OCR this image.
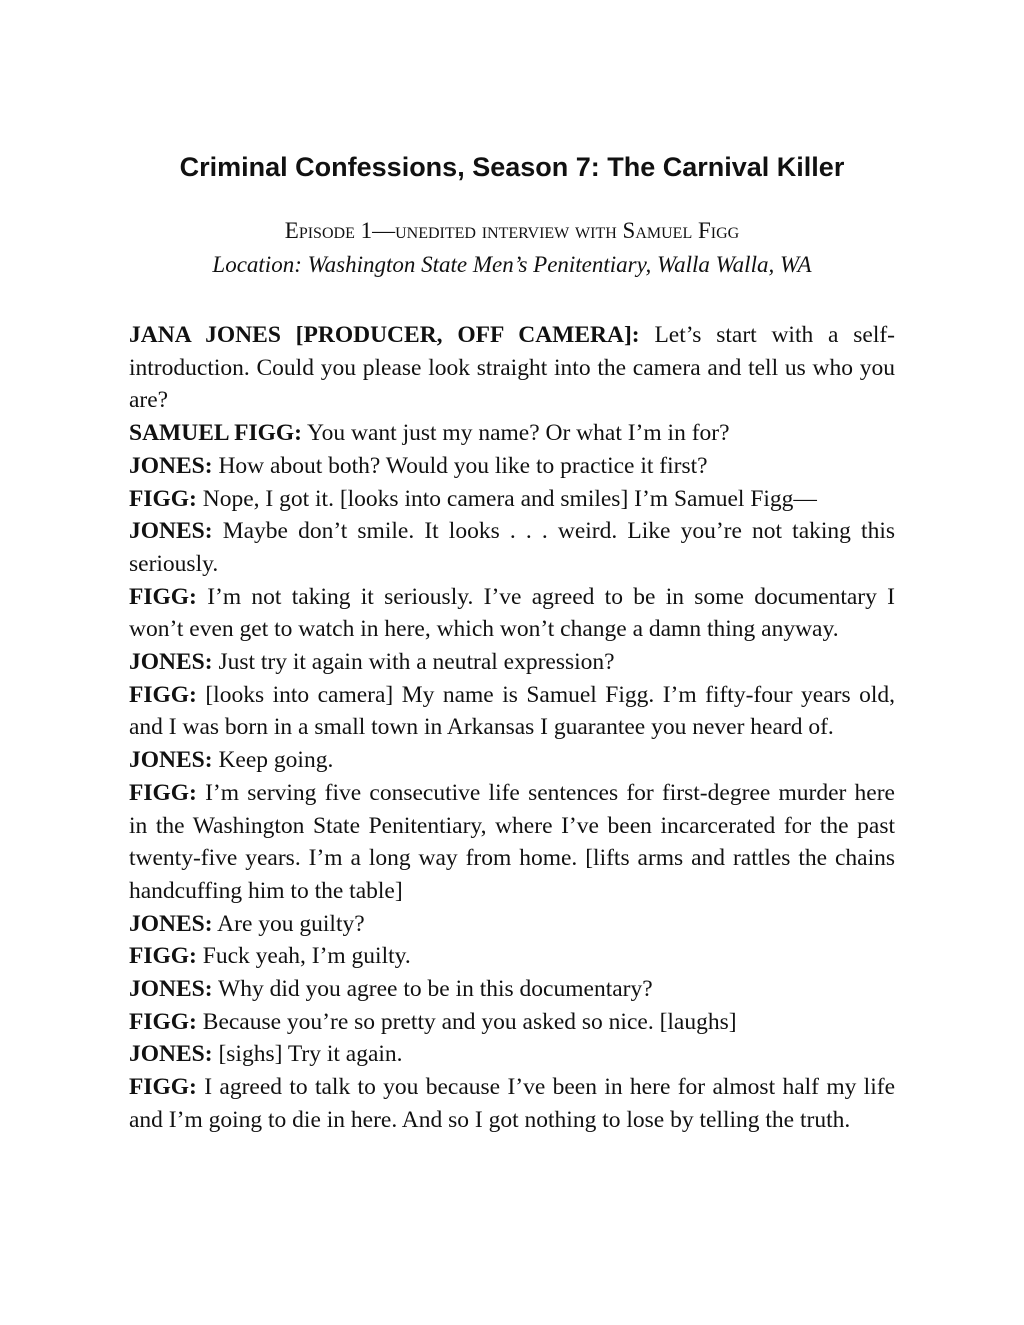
Criminal Confessions, Season 7: The Carnival Killer
Episode 1—unedited interview with Samuel Figg
Location: Washington State Men’s Penitentiary, Walla Walla, WA

JANA JONES [PRODUCER, OFF CAMERA]: Let’s start with a self-introduction. Could you please look straight into the camera and tell us who you are?

SAMUEL FIGG: You want just my name? Or what I’m in for?

JONES: How about both? Would you like to practice it first?

FIGG: Nope, I got it. [looks into camera and smiles] I’m Samuel Figg—

JONES: Maybe don’t smile. It looks . . . weird. Like you’re not taking this seriously.

FIGG: I’m not taking it seriously. I’ve agreed to be in some documentary I won’t even get to watch in here, which won’t change a damn thing anyway.

JONES: Just try it again with a neutral expression?

FIGG: [looks into camera] My name is Samuel Figg. I’m fifty-four years old, and I was born in a small town in Arkansas I guarantee you never heard of.

JONES: Keep going.

FIGG: I’m serving five consecutive life sentences for first-degree murder here in the Washington State Penitentiary, where I’ve been incarcerated for the past twenty-five years. I’m a long way from home. [lifts arms and rattles the chains handcuffing him to the table]

JONES: Are you guilty?

FIGG: Fuck yeah, I’m guilty.

JONES: Why did you agree to be in this documentary?

FIGG: Because you’re so pretty and you asked so nice. [laughs]

JONES: [sighs] Try it again.

FIGG: I agreed to talk to you because I’ve been in here for almost half my life and I’m going to die in here. And so I got nothing to lose by telling the truth.
